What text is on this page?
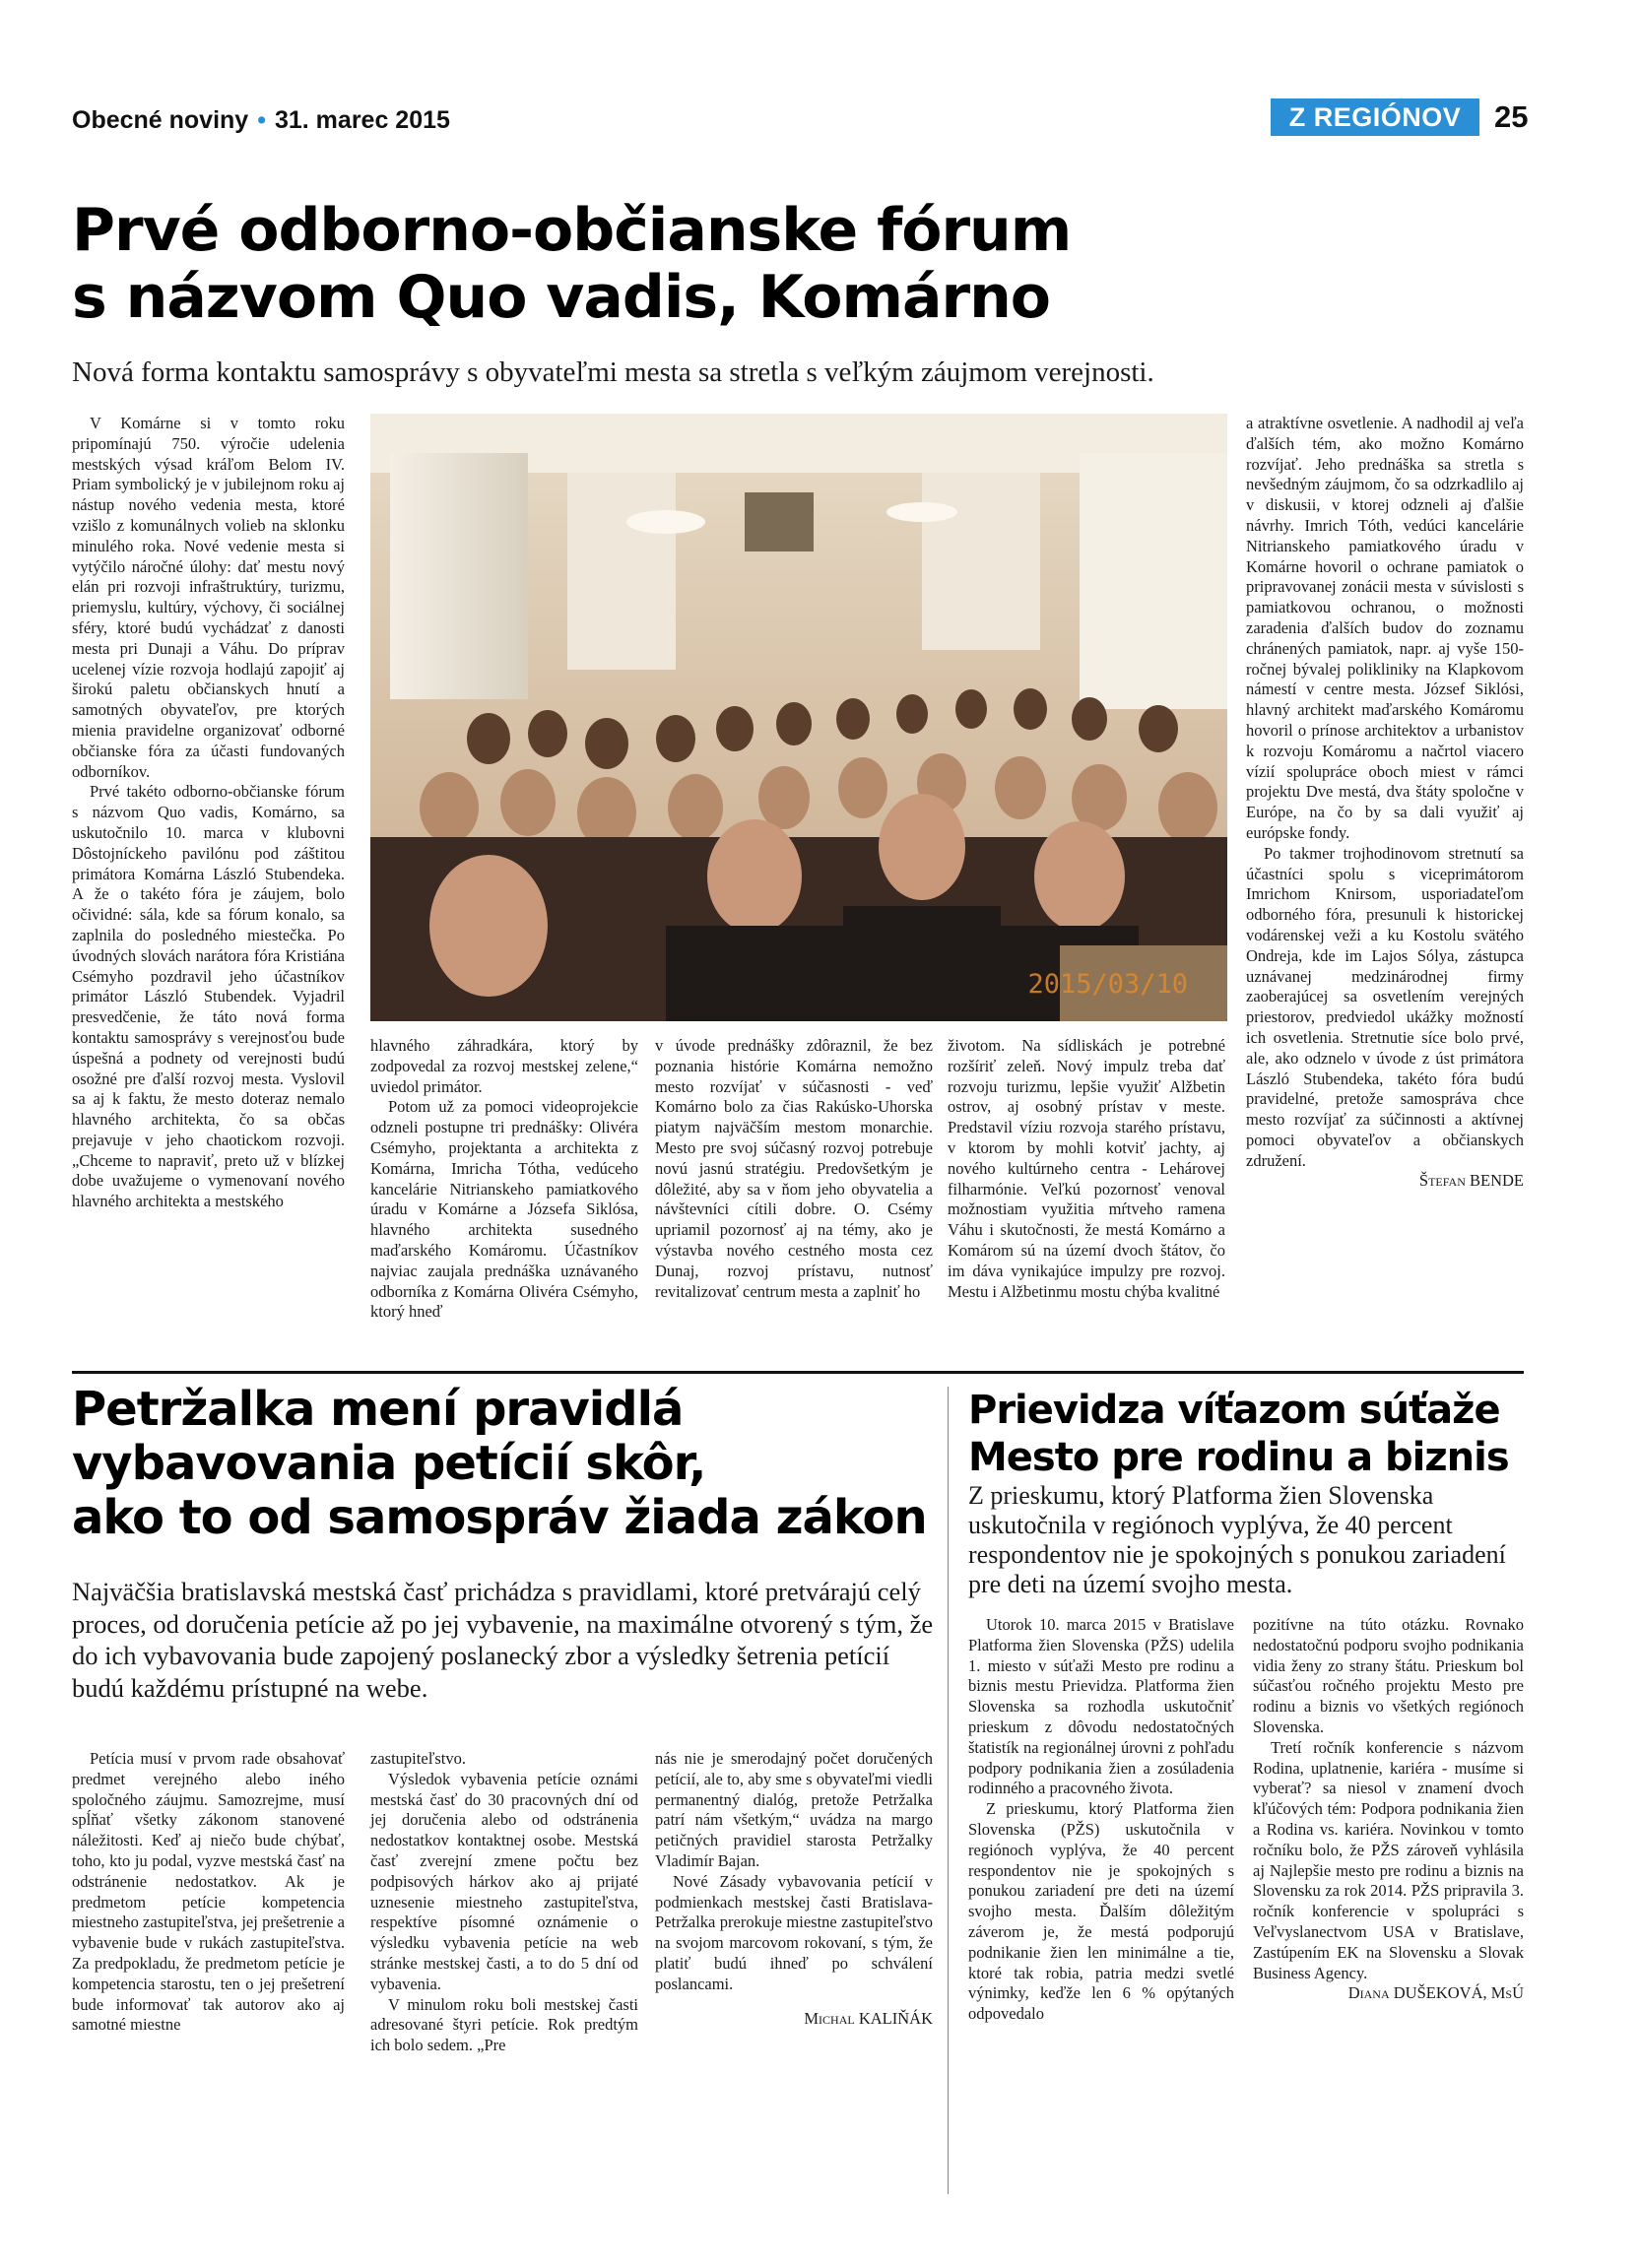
Obecné noviny • 31. marec 2015	Z REGIÓNOV	25
Prvé odborno-občianske fórum
s názvom Quo vadis, Komárno
Nová forma kontaktu samosprávy s obyvateľmi mesta sa stretla s veľkým záujmom verejnosti.

V Komárne si v tomto roku pripomínajú 750. výročie udelenia mestských výsad kráľom Belom IV. Priam symbolický je v jubilejnom roku aj nástup nového vedenia mesta, ktoré vzišlo z komunálnych volieb na sklonku minulého roka. Nové vedenie mesta si vytýčilo náročné úlohy: dať mestu nový elán pri rozvoji infraštruktúry, turizmu, priemyslu, kultúry, výchovy, či sociálnej sféry, ktoré budú vychádzať z danosti mesta pri Dunaji a Váhu. Do príprav ucelenej vízie rozvoja hodlajú zapojiť aj širokú paletu občianskych hnutí a samotných obyvateľov, pre ktorých mienia pravidelne organizovať odborné občianske fóra za účasti fundovaných odborníkov.

Prvé takéto odborno-občianske fórum s názvom Quo vadis, Komárno, sa uskutočnilo 10. marca v klubovni Dôstojníckeho pavilónu pod záštitou primátora Komárna László Stubendeka. A že o takéto fóra je záujem, bolo očividné: sála, kde sa fórum konalo, sa zaplnila do posledného miestečka. Po úvodných slovách narátora fóra Kristiána Csémyho pozdravil jeho účastníkov primátor László Stubendek. Vyjadril presvedčenie, že táto nová forma kontaktu samosprávy s verejnosťou bude úspešná a podnety od verejnosti budú osožné pre ďalší rozvoj mesta. Vyslovil sa aj k faktu, že mesto doteraz nemalo hlavného architekta, čo sa občas prejavuje v jeho chaotickom rozvoji. „Chceme to napraviť, preto už v blízkej dobe uvažujeme o vymenovaní nového hlavného architekta a mestského

2015/03/10

hlavného záhradkára, ktorý by zodpovedal za rozvoj mestskej zelene,“ uviedol primátor.

Potom už za pomoci videoprojekcie odzneli postupne tri prednášky: Olivéra Csémyho, projektanta a architekta z Komárna, Imricha Tótha, vedúceho kancelárie Nitrianskeho pamiatkového úradu v Komárne a Józsefa Siklósa, hlavného architekta susedného maďarského Komáromu. Účastníkov najviac zaujala prednáška uznávaného odborníka z Komárna Olivéra Csémyho, ktorý hneď

v úvode prednášky zdôraznil, že bez poznania histórie Komárna nemožno mesto rozvíjať v súčasnosti - veď Komárno bolo za čias Rakúsko-Uhorska piatym najväčším mestom monarchie. Mesto pre svoj súčasný rozvoj potrebuje novú jasnú stratégiu. Predovšetkým je dôležité, aby sa v ňom jeho obyvatelia a návštevníci cítili dobre. O. Csémy upriamil pozornosť aj na témy, ako je výstavba nového cestného mosta cez Dunaj, rozvoj prístavu, nutnosť revitalizovať centrum mesta a zaplniť ho

životom. Na sídliskách je potrebné rozšíriť zeleň. Nový impulz treba dať rozvoju turizmu, lepšie využiť Alžbetin ostrov, aj osobný prístav v meste. Predstavil víziu rozvoja starého prístavu, v ktorom by mohli kotviť jachty, aj nového kultúrneho centra - Lehárovej filharmónie. Veľkú pozornosť venoval možnostiam využitia mŕtveho ramena Váhu i skutočnosti, že mestá Komárno a Komárom sú na území dvoch štátov, čo im dáva vynikajúce impulzy pre rozvoj. Mestu i Alžbetinmu mostu chýba kvalitné

a atraktívne osvetlenie. A nadhodil aj veľa ďalších tém, ako možno Komárno rozvíjať. Jeho prednáška sa stretla s nevšedným záujmom, čo sa odzrkadlilo aj v diskusii, v ktorej odzneli aj ďalšie návrhy. Imrich Tóth, vedúci kancelárie Nitrianskeho pamiatkového úradu v Komárne hovoril o ochrane pamiatok o pripravovanej zonácii mesta v súvislosti s pamiatkovou ochranou, o možnosti zaradenia ďalších budov do zoznamu chránených pamiatok, napr. aj vyše 150-ročnej bývalej polikliniky na Klapkovom námestí v centre mesta. József Siklósi, hlavný architekt maďarského Komáromu hovoril o prínose architektov a urbanistov k rozvoju Komáromu a načrtol viacero vízií spolupráce oboch miest v rámci projektu Dve mestá, dva štáty spoločne v Európe, na čo by sa dali využiť aj európske fondy.

Po takmer trojhodinovom stretnutí sa účastníci spolu s viceprimátorom Imrichom Knirsom, usporiadateľom odborného fóra, presunuli k historickej vodárenskej veži a ku Kostolu svätého Ondreja, kde im Lajos Sólya, zástupca uznávanej medzinárodnej firmy zaoberajúcej sa osvetlením verejných priestorov, predviedol ukážky možností ich osvetlenia. Stretnutie síce bolo prvé, ale, ako odznelo v úvode z úst primátora László Stubendeka, takéto fóra budú pravidelné, pretože samospráva chce mesto rozvíjať za súčinnosti a aktívnej pomoci obyvateľov a občianskych združení.

Štefan BENDE
Petržalka mení pravidlá
vybavovania petícií skôr,
ako to od samospráv žiada zákon
Najväčšia bratislavská mestská časť prichádza s pravidlami, ktoré pretvárajú celý proces, od doručenia petície až po jej vybavenie, na maximálne otvorený s tým, že do ich vybavovania bude zapojený poslanecký zbor a výsledky šetrenia petícií budú každému prístupné na webe.

Petícia musí v prvom rade obsahovať predmet verejného alebo iného spoločného záujmu. Samozrejme, musí spĺňať všetky zákonom stanovené náležitosti. Keď aj niečo bude chýbať, toho, kto ju podal, vyzve mestská časť na odstránenie nedostatkov. Ak je predmetom petície kompetencia miestneho zastupiteľstva, jej prešetrenie a vybavenie bude v rukách zastupiteľstva. Za predpokladu, že predmetom petície je kompetencia starostu, ten o jej prešetrení bude informovať tak autorov ako aj samotné miestne

zastupiteľstvo.

Výsledok vybavenia petície oznámi mestská časť do 30 pracovných dní od jej doručenia alebo od odstránenia nedostatkov kontaktnej osobe. Mestská časť zverejní zmene počtu bez podpisových hárkov ako aj prijaté uznesenie miestneho zastupiteľstva, respektíve písomné oznámenie o výsledku vybavenia petície na web stránke mestskej časti, a to do 5 dní od vybavenia.

V minulom roku boli mestskej časti adresované štyri petície. Rok predtým ich bolo sedem. „Pre

nás nie je smerodajný počet doručených petícií, ale to, aby sme s obyvateľmi viedli permanentný dialóg, pretože Petržalka patrí nám všetkým,“ uvádza na margo petičných pravidiel starosta Petržalky Vladimír Bajan.

Nové Zásady vybavovania petícií v podmienkach mestskej časti Bratislava-Petržalka prerokuje miestne zastupiteľstvo na svojom marcovom rokovaní, s tým, že platiť budú ihneď po schválení poslancami.

Michal KALIŇÁK
Prievidza víťazom súťaže
Mesto pre rodinu a biznis
Z prieskumu, ktorý Platforma žien Slovenska uskutočnila v regiónoch vyplýva, že 40 percent respondentov nie je spokojných s ponukou zariadení pre deti na území svojho mesta.

Utorok 10. marca 2015 v Bratislave Platforma žien Slovenska (PŽS) udelila 1. miesto v súťaži Mesto pre rodinu a biznis mestu Prievidza. Platforma žien Slovenska sa rozhodla uskutočniť prieskum z dôvodu nedostatočných štatistík na regionálnej úrovni z pohľadu podpory podnikania žien a zosúladenia rodinného a pracovného života.

Z prieskumu, ktorý Platforma žien Slovenska (PŽS) uskutočnila v regiónoch vyplýva, že 40 percent respondentov nie je spokojných s ponukou zariadení pre deti na území svojho mesta. Ďalším dôležitým záverom je, že mestá podporujú podnikanie žien len minimálne a tie, ktoré tak robia, patria medzi svetlé výnimky, keďže len 6 % opýtaných odpovedalo

pozitívne na túto otázku. Rovnako nedostatočnú podporu svojho podnikania vidia ženy zo strany štátu. Prieskum bol súčasťou ročného projektu Mesto pre rodinu a biznis vo všetkých regiónoch Slovenska.

Tretí ročník konferencie s názvom Rodina, uplatnenie, kariéra - musíme si vyberať? sa niesol v znamení dvoch kľúčových tém: Podpora podnikania žien a Rodina vs. kariéra. Novinkou v tomto ročníku bolo, že PŽS zároveň vyhlásila aj Najlepšie mesto pre rodinu a biznis na Slovensku za rok 2014. PŽS pripravila 3. ročník konferencie v spolupráci s Veľvyslanectvom USA v Bratislave, Zastúpením EK na Slovensku a Slovak Business Agency.

Diana DUŠEKOVÁ, MsÚ
